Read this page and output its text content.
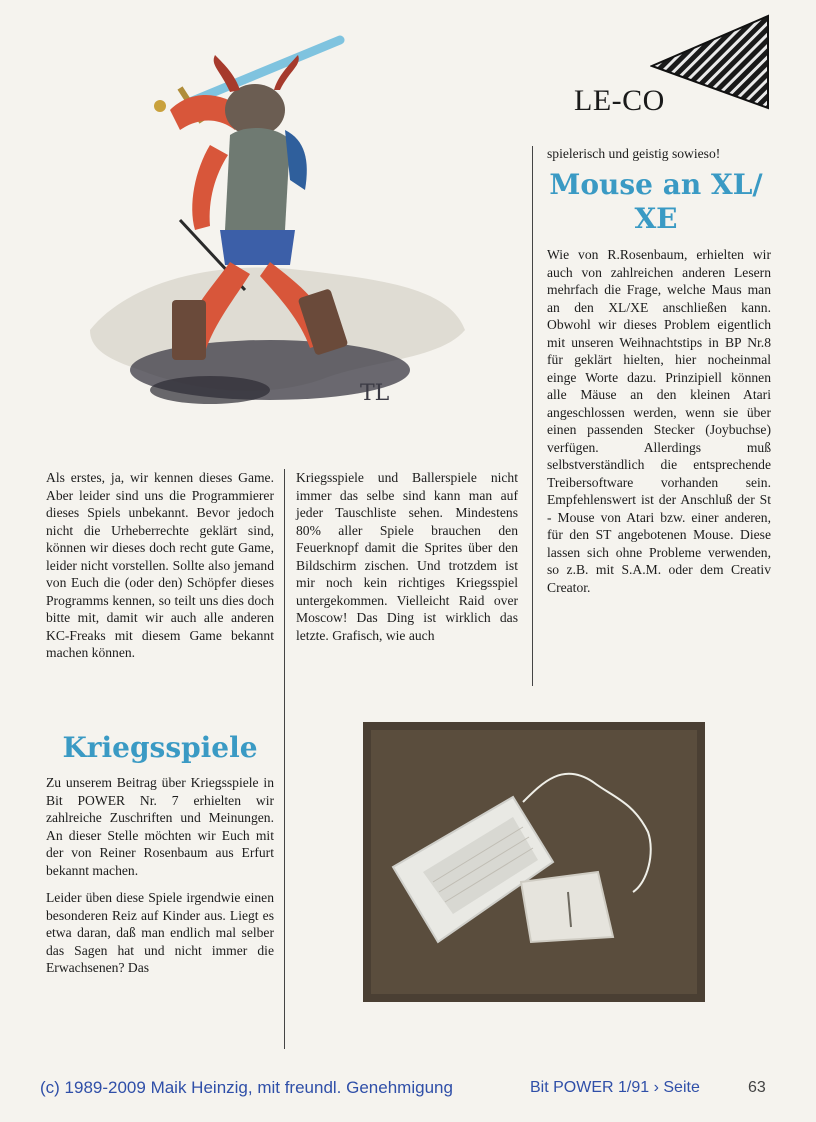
LE-CO
TL
spielerisch und geistig sowieso!
Mouse an XL/
XE

Wie von R.Rosenbaum, erhielten wir auch von zahlreichen anderen Lesern mehrfach die Frage, welche Maus man an den XL/XE anschließen kann. Obwohl wir dieses Problem eigentlich mit unseren Weihnachtstips in BP Nr.8 für geklärt hielten, hier nocheinmal einge Worte dazu. Prinzipiell können alle Mäuse an den kleinen Atari angeschlossen werden, wenn sie über einen passenden Stecker (Joybuchse) verfügen. Allerdings muß selbstverständlich die entsprechende Treibersoftware vorhanden sein. Empfehlenswert ist der Anschluß der St - Mouse von Atari bzw. einer anderen, für den ST angebotenen Mouse. Diese lassen sich ohne Probleme verwenden, so z.B. mit S.A.M. oder dem Creativ Creator.

Als erstes, ja, wir kennen dieses Game. Aber leider sind uns die Programmierer dieses Spiels unbekannt. Bevor jedoch nicht die Urheberrechte geklärt sind, können wir dieses doch recht gute Game, leider nicht vorstellen. Sollte also jemand von Euch die (oder den) Schöpfer dieses Programms kennen, so teilt uns dies doch bitte mit, damit wir auch alle anderen KC-Freaks mit diesem Game bekannt machen können.

Kriegsspiele

Zu unserem Beitrag über Kriegsspiele in Bit POWER Nr. 7 erhielten wir zahlreiche Zuschriften und Meinungen. An dieser Stelle möchten wir Euch mit der von Reiner Rosenbaum aus Erfurt bekannt machen.

Leider üben diese Spiele irgendwie einen besonderen Reiz auf Kinder aus. Liegt es etwa daran, daß man endlich mal selber das Sagen hat und nicht immer die Erwachsenen? Das

Kriegsspiele und Ballerspiele nicht immer das selbe sind kann man auf jeder Tauschliste sehen. Mindestens 80% aller Spiele brauchen den Feuerknopf damit die Sprites über den Bildschirm zischen. Und trotzdem ist mir noch kein richtiges Kriegsspiel untergekommen. Vielleicht Raid over Moscow! Das Ding ist wirklich das letzte. Grafisch, wie auch

(c) 1989-2009 Maik Heinzig, mit freundl. Genehmigung	Bit POWER 1/91 › Seite	63
